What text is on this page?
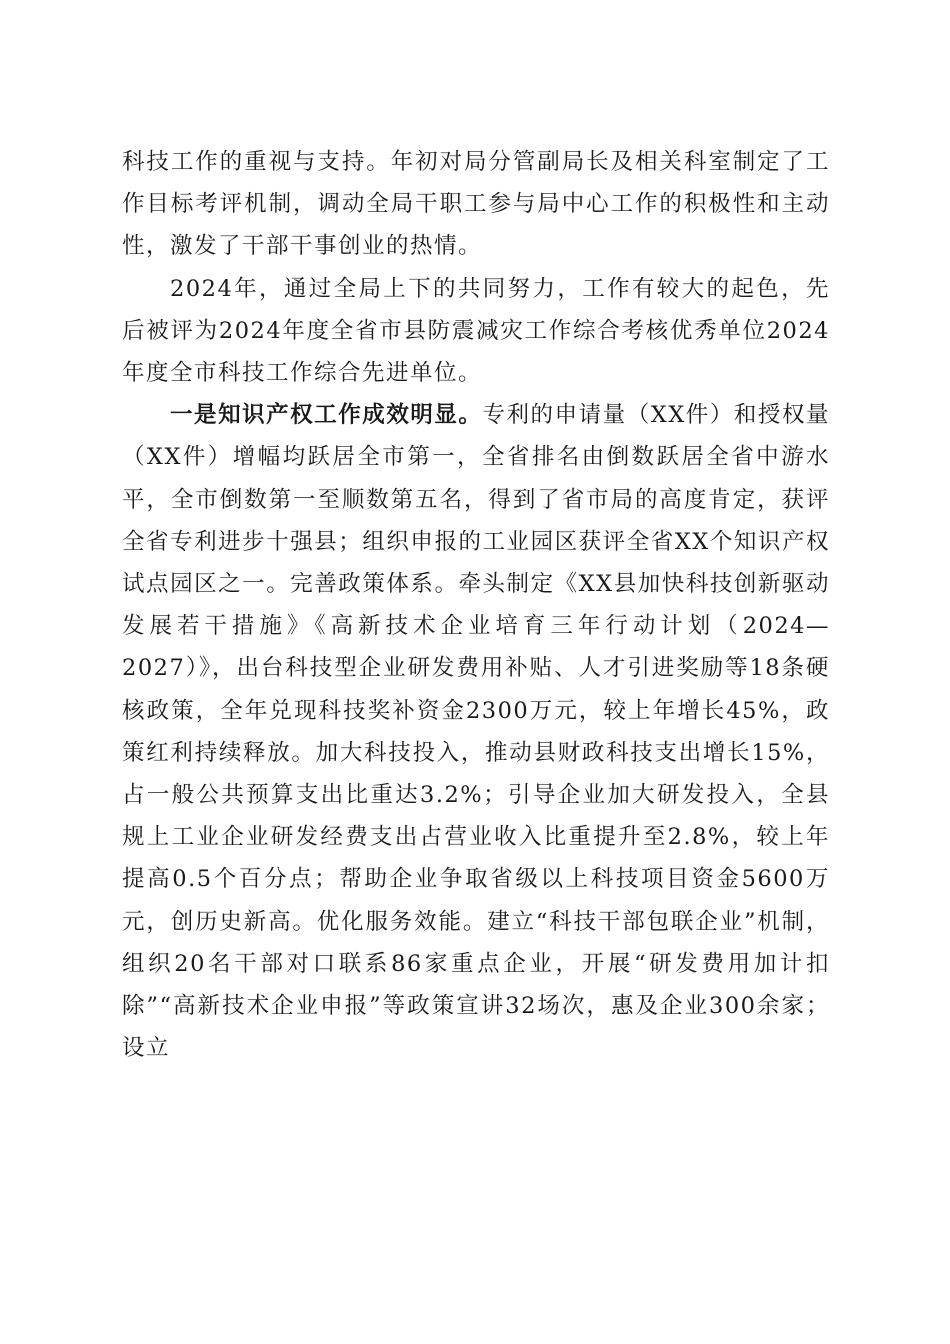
科技工作的重视与支持。年初对局分管副局长及相关科室制定了工作目标考评机制，调动全局干职工参与局中心工作的积极性和主动性，激发了干部干事创业的热情。

2024年，通过全局上下的共同努力，工作有较大的起色，先后被评为2024年度全省市县防震减灾工作综合考核优秀单位2024年度全市科技工作综合先进单位。

一是知识产权工作成效明显。专利的申请量（XX件）和授权量（XX件）增幅均跃居全市第一，全省排名由倒数跃居全省中游水平，全市倒数第一至顺数第五名，得到了省市局的高度肯定，获评全省专利进步十强县；组织申报的工业园区获评全省XX个知识产权试点园区之一。完善政策体系。牵头制定《XX县加快科技创新驱动发展若干措施》《高新技术企业培育三年行动计划（2024—2027）》，出台科技型企业研发费用补贴、人才引进奖励等18条硬核政策，全年兑现科技奖补资金2300万元，较上年增长45%，政策红利持续释放。加大科技投入，推动县财政科技支出增长15%，占一般公共预算支出比重达3.2%；引导企业加大研发投入，全县规上工业企业研发经费支出占营业收入比重提升至2.8%，较上年提高0.5个百分点；帮助企业争取省级以上科技项目资金5600万元，创历史新高。优化服务效能。建立“科技干部包联企业”机制，组织20名干部对口联系86家重点企业，开展“研发费用加计扣除”“高新技术企业申报”等政策宣讲32场次，惠及企业300余家；设立
